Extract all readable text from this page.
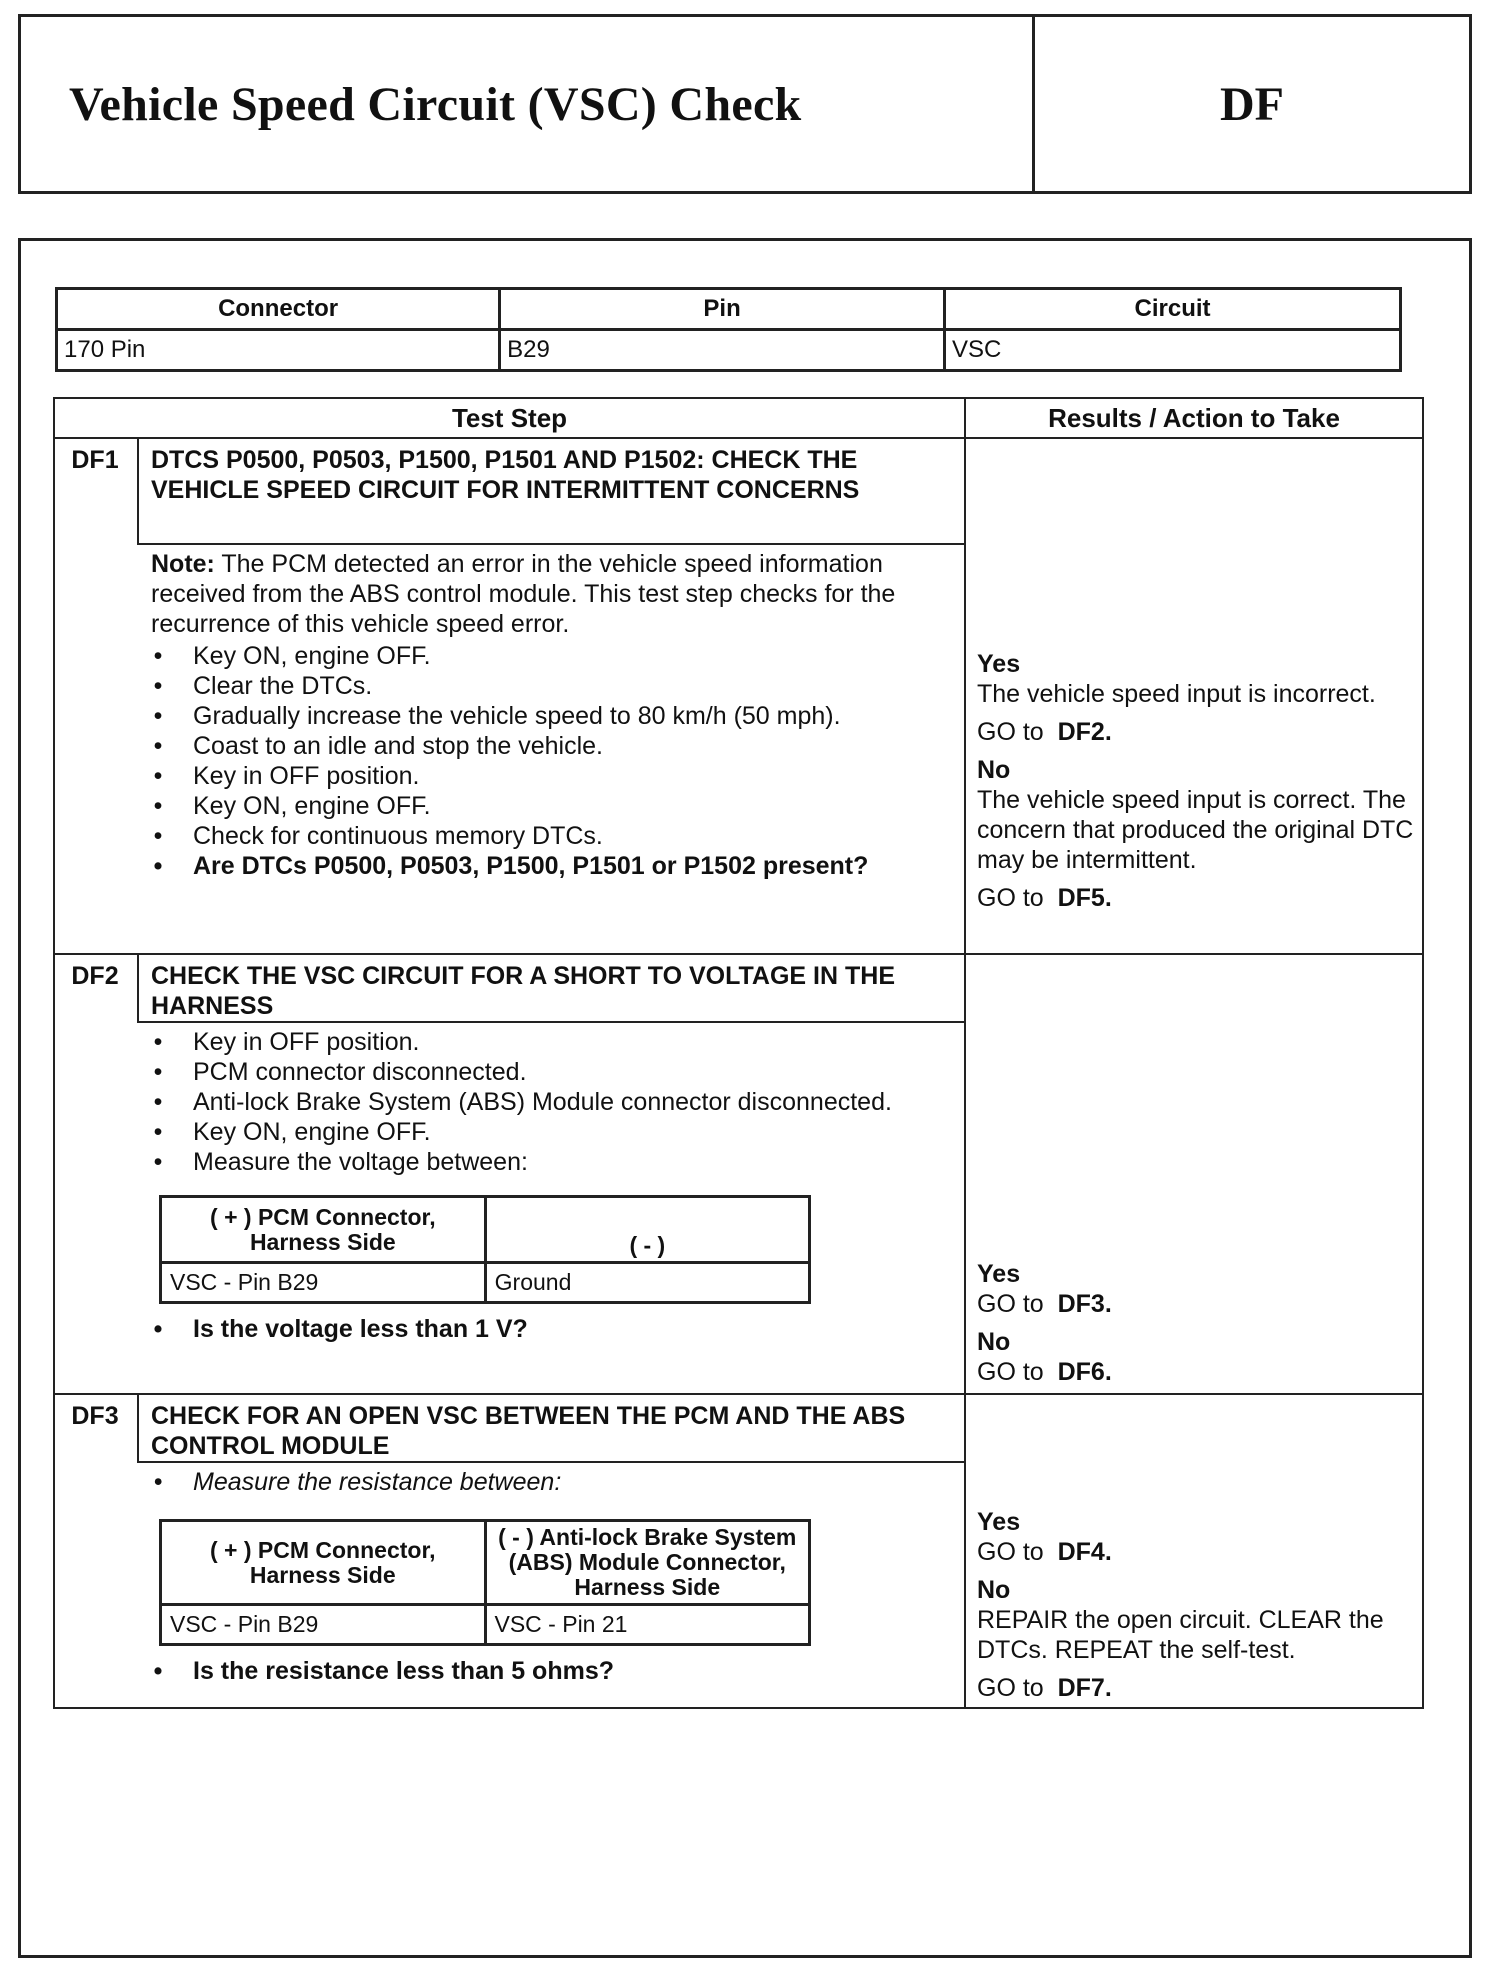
Vehicle Speed Circuit (VSC) Check	DF
Connector	Pin	Circuit
170 Pin	B29	VSC
Test Step	Results / Action to Take
DF1	DTCS P0500, P0503, P1500, P1501 AND P1502: CHECK THE VEHICLE SPEED CIRCUIT FOR INTERMITTENT CONCERNS

Note: The PCM detected an error in the vehicle speed information received from the ABS control module. This test step checks for the recurrence of this vehicle speed error.

• Key ON, engine OFF.
• Clear the DTCs.
• Gradually increase the vehicle speed to 80 km/h (50 mph).
• Coast to an idle and stop the vehicle.
• Key in OFF position.
• Key ON, engine OFF.
• Check for continuous memory DTCs.
• Are DTCs P0500, P0503, P1500, P1501 or P1502 present?

Yes

The vehicle speed input is incorrect.

GO to DF2.

No

The vehicle speed input is correct. The concern that produced the original DTC may be intermittent.

GO to DF5.

DF2	CHECK THE VSC CIRCUIT FOR A SHORT TO VOLTAGE IN THE HARNESS
• Key in OFF position.
• PCM connector disconnected.
• Anti-lock Brake System (ABS) Module connector disconnected.
• Key ON, engine OFF.
• Measure the voltage between:
( + ) PCM Connector, Harness Side	( - )
VSC - Pin B29	Ground
• Is the voltage less than 1 V?

Yes

GO to DF3.

No

GO to DF6.

DF3	CHECK FOR AN OPEN VSC BETWEEN THE PCM AND THE ABS CONTROL MODULE
• Measure the resistance between:
( + ) PCM Connector, Harness Side	( - ) Anti-lock Brake System (ABS) Module Connector, Harness Side
VSC - Pin B29	VSC - Pin 21
• Is the resistance less than 5 ohms?

Yes

GO to DF4.

No

REPAIR the open circuit. CLEAR the DTCs. REPEAT the self-test.

GO to DF7.
